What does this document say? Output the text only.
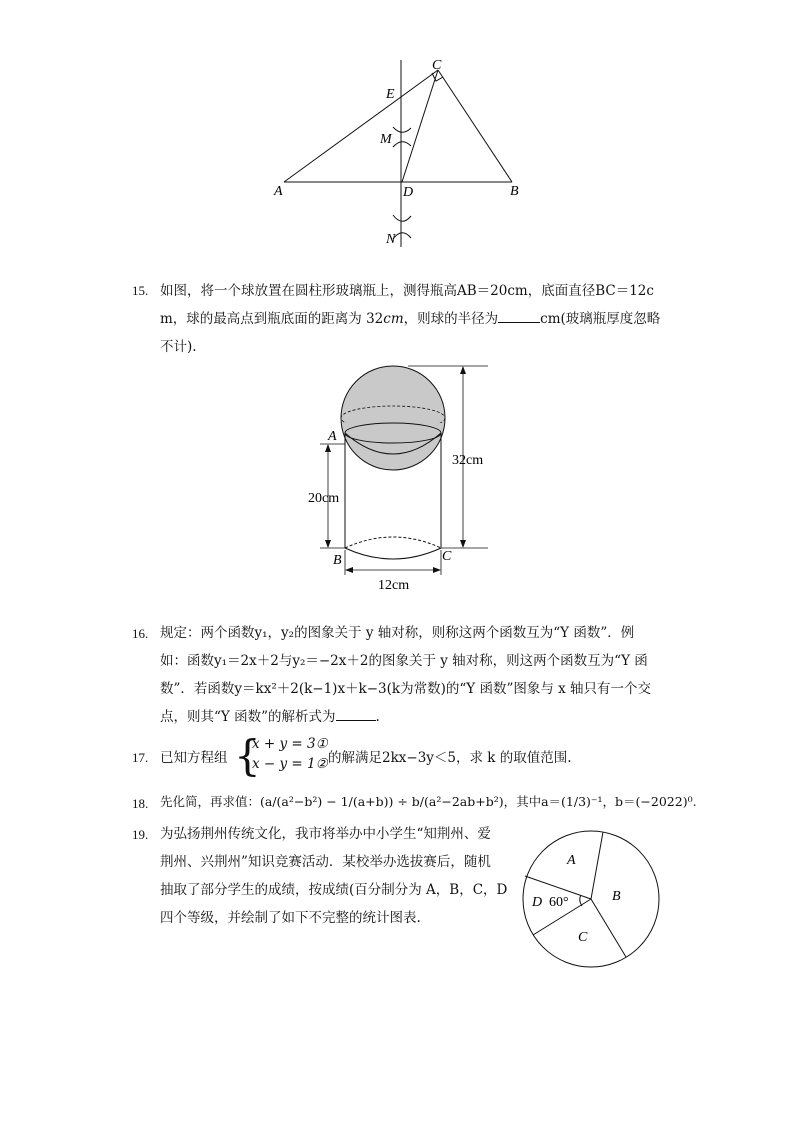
C
E
M
A	D	B
N
15. 如图，将一个球放置在圆柱形玻璃瓶上，测得瓶高AB＝20cm，底面直径BC＝12c
m，球的最高点到瓶底面的距离为 32cm，则球的半径为	cm(玻璃瓶厚度忽略
不计).
A
B	C
32cm
20cm
12cm
16. 规定：两个函数y₁，y₂的图象关于 y 轴对称，则称这两个函数互为“Y 函数”．例
如：函数y₁＝2x＋2与y₂＝−2x＋2的图象关于 y 轴对称，则这两个函数互为“Y 函
数”．若函数y＝kx²＋2(k−1)x＋k−3(k为常数)的“Y 函数”图象与 x 轴只有一个交
点，则其“Y 函数”的解析式为	.
17. 已知方程组 {
x + y = 3①
x − y = 1② 的解满足2kx−3y＜5，求 k 的取值范围.
18. 先化简，再求值：(a/(a²−b²) − 1/(a+b)) ÷ b/(a²−2ab+b²)，其中a＝(1/3)⁻¹，b＝(−2022)⁰.
19. 为弘扬荆州传统文化，我市将举办中小学生“知荆州、爱
荆州、兴荆州”知识竞赛活动．某校举办选拔赛后，随机
抽取了部分学生的成绩，按成绩(百分制分为 A，B，C，D
四个等级，并绘制了如下不完整的统计图表.
A
B
C
D 60°
